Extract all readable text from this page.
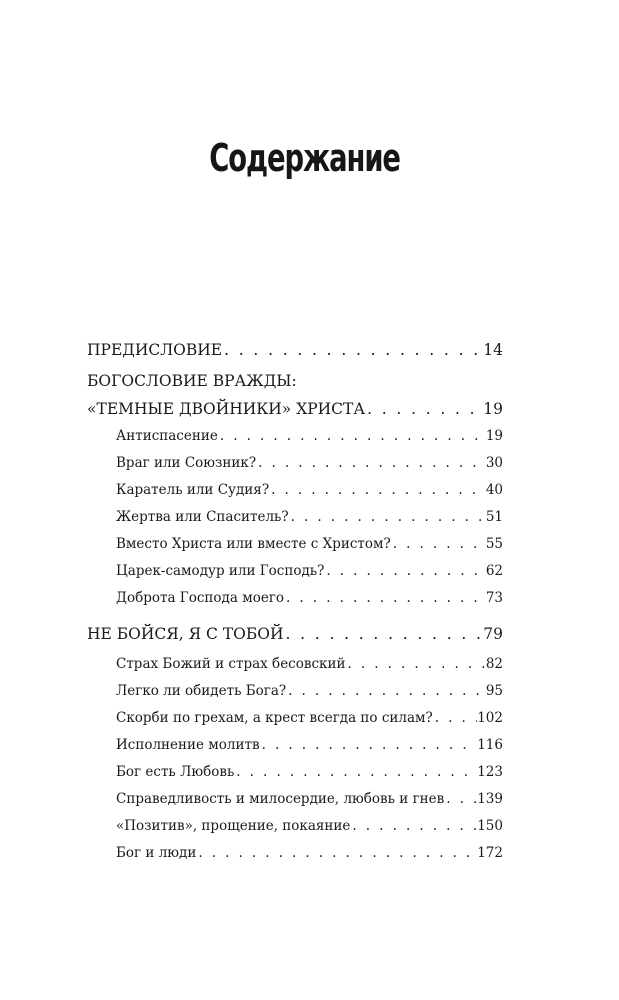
Содержание
ПРЕДИСЛОВИЕ . . .	14
БОГОСЛОВИЕ ВРАЖДЫ:
«ТЕМНЫЕ ДВОЙНИКИ» ХРИСТА . . .	19
Антиспасение . . .	19
Враг или Союзник? . . .	30
Каратель или Судия? . . .	40
Жертва или Спаситель? . . .	51
Вместо Христа или вместе с Христом? . . .	55
Царек-самодур или Господь? . . .	62
Доброта Господа моего . . .	73
НЕ БОЙСЯ, Я С ТОБОЙ . . .	79
Страх Божий и страх бесовский . . .	82
Легко ли обидеть Бога? . . .	95
Скорби по грехам, а крест всегда по силам? . . .	102
Исполнение молитв . . .	116
Бог есть Любовь . . .	123
Справедливость и милосердие, любовь и гнев . . . 139
«Позитив», прощение, покаяние . . .	150
Бог и люди . . .	172
